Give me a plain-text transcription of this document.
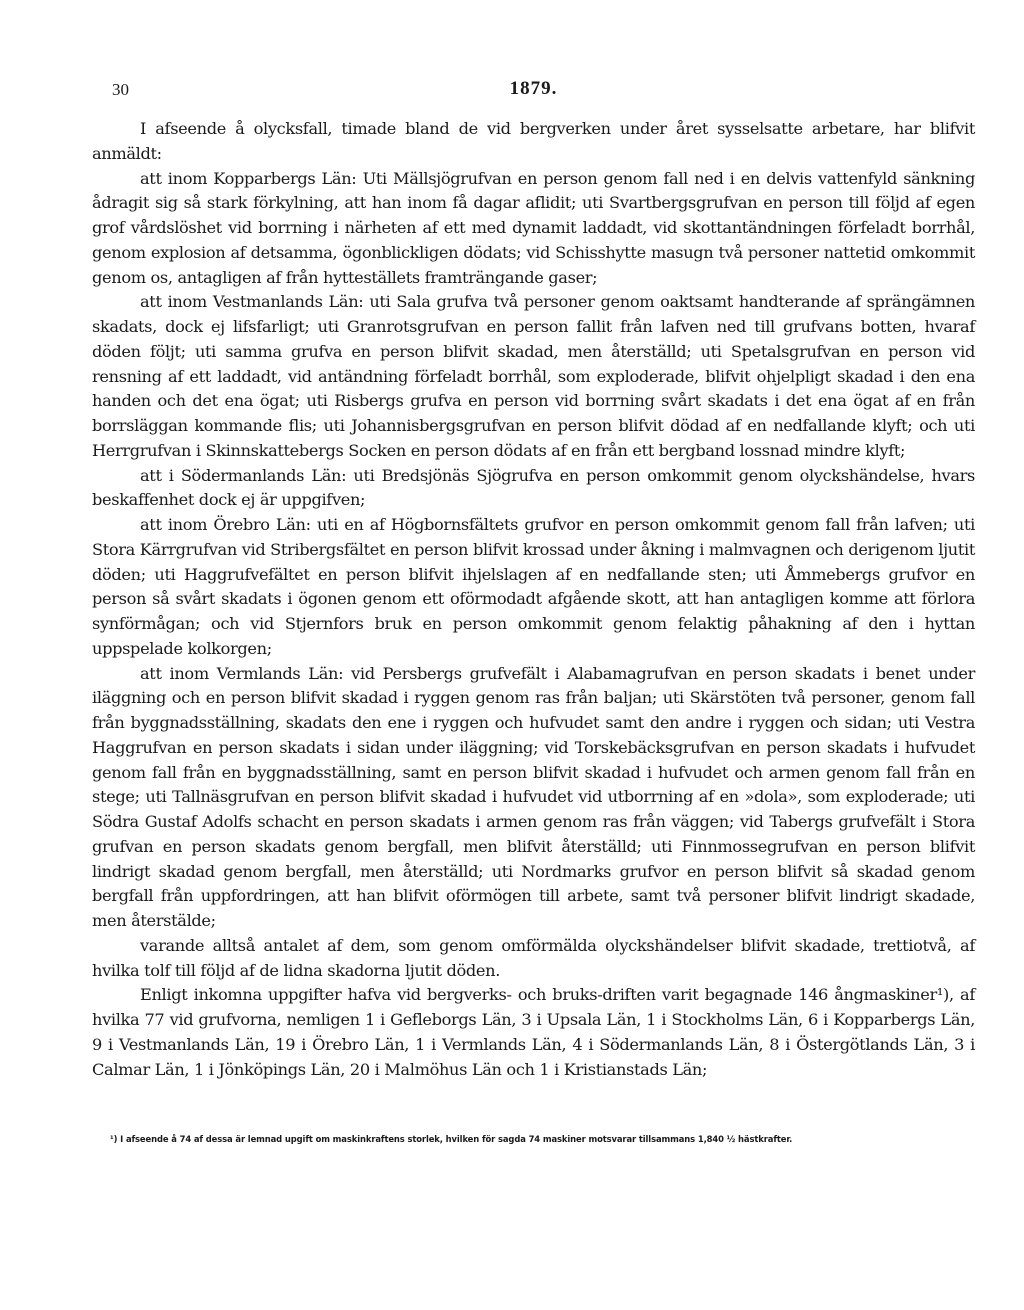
30	1879.

I afseende å olycksfall, timade bland de vid bergverken under året sysselsatte arbetare, har blifvit anmäldt:

att inom Kopparbergs Län: Uti Mällsjögrufvan en person genom fall ned i en delvis vattenfyld sänkning ådragit sig så stark förkylning, att han inom få dagar aflidit; uti Svartbergsgrufvan en person till följd af egen grof vårdslöshet vid borrning i närheten af ett med dynamit laddadt, vid skottantändningen förfeladt borrhål, genom explosion af detsamma, ögonblickligen dödats; vid Schisshytte masugn två personer nattetid omkommit genom os, antagligen af från hytteställets framträngande gaser;

att inom Vestmanlands Län: uti Sala grufva två personer genom oaktsamt handterande af sprängämnen skadats, dock ej lifsfarligt; uti Granrotsgrufvan en person fallit från lafven ned till grufvans botten, hvaraf döden följt; uti samma grufva en person blifvit skadad, men återställd; uti Spetalsgrufvan en person vid rensning af ett laddadt, vid antändning förfeladt borrhål, som exploderade, blifvit ohjelpligt skadad i den ena handen och det ena ögat; uti Risbergs grufva en person vid borrning svårt skadats i det ena ögat af en från borrsläggan kommande flis; uti Johannisbergsgrufvan en person blifvit dödad af en nedfallande klyft; och uti Herrgrufvan i Skinnskattebergs Socken en person dödats af en från ett bergband lossnad mindre klyft;

att i Södermanlands Län: uti Bredsjönäs Sjögrufva en person omkommit genom olyckshändelse, hvars beskaffenhet dock ej är uppgifven;

att inom Örebro Län: uti en af Högbornsfältets grufvor en person omkommit genom fall från lafven; uti Stora Kärrgrufvan vid Stribergsfältet en person blifvit krossad under åkning i malmvagnen och derigenom ljutit döden; uti Haggrufvefältet en person blifvit ihjelslagen af en nedfallande sten; uti Åmmebergs grufvor en person så svårt skadats i ögonen genom ett oförmodadt afgående skott, att han antagligen komme att förlora synförmågan; och vid Stjernfors bruk en person omkommit genom felaktig påhakning af den i hyttan uppspelade kolkorgen;

att inom Vermlands Län: vid Persbergs grufvefält i Alabamagrufvan en person skadats i benet under iläggning och en person blifvit skadad i ryggen genom ras från baljan; uti Skärstöten två personer, genom fall från byggnadsställning, skadats den ene i ryggen och hufvudet samt den andre i ryggen och sidan; uti Vestra Haggrufvan en person skadats i sidan under iläggning; vid Torskebäcksgrufvan en person skadats i hufvudet genom fall från en byggnadsställning, samt en person blifvit skadad i hufvudet och armen genom fall från en stege; uti Tallnäsgrufvan en person blifvit skadad i hufvudet vid utborrning af en »dola», som exploderade; uti Södra Gustaf Adolfs schacht en person skadats i armen genom ras från väggen; vid Tabergs grufvefält i Stora grufvan en person skadats genom bergfall, men blifvit återställd; uti Finnmossegrufvan en person blifvit lindrigt skadad genom bergfall, men återställd; uti Nordmarks grufvor en person blifvit så skadad genom bergfall från uppfordringen, att han blifvit oförmögen till arbete, samt två personer blifvit lindrigt skadade, men återstälde;

varande alltså antalet af dem, som genom omförmälda olyckshändelser blifvit skadade, trettiotvå, af hvilka tolf till följd af de lidna skadorna ljutit döden.

Enligt inkomna uppgifter hafva vid bergverks- och bruks-driften varit begagnade 146 ångmaskiner¹), af hvilka 77 vid grufvorna, nemligen 1 i Gefleborgs Län, 3 i Upsala Län, 1 i Stockholms Län, 6 i Kopparbergs Län, 9 i Vestmanlands Län, 19 i Örebro Län, 1 i Vermlands Län, 4 i Södermanlands Län, 8 i Östergötlands Län, 3 i Calmar Län, 1 i Jönköpings Län, 20 i Malmöhus Län och 1 i Kristianstads Län;

¹) I afseende å 74 af dessa är lemnad upgift om maskinkraftens storlek, hvilken för sagda 74 maskiner motsvarar tillsammans 1,840 ½ hästkrafter.
